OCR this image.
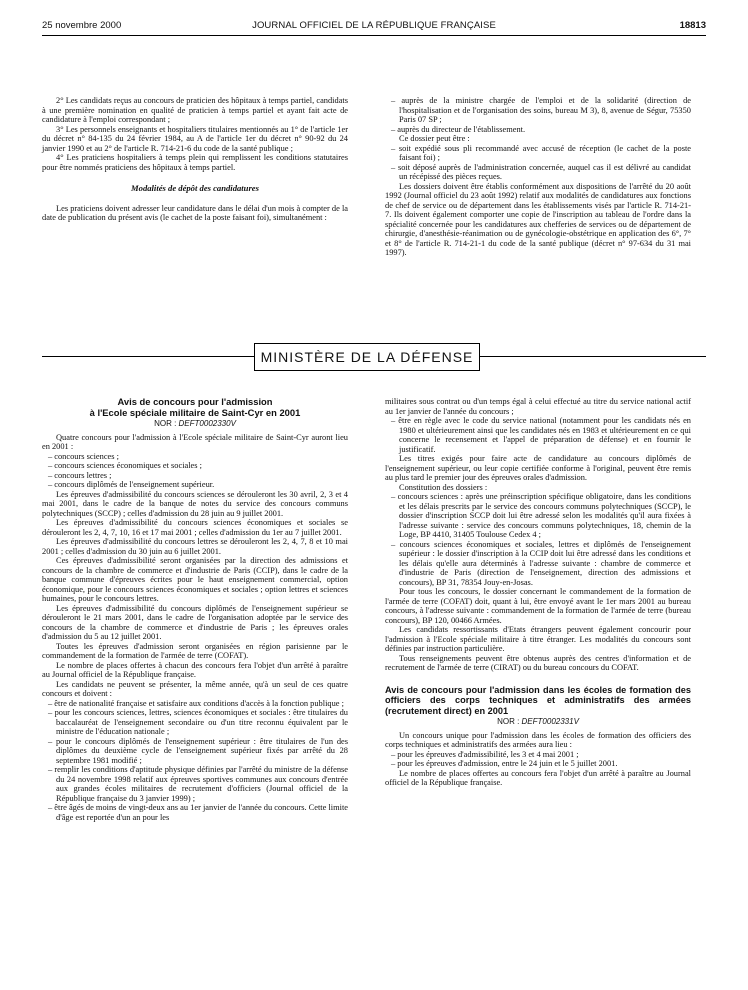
25 novembre 2000	JOURNAL OFFICIEL DE LA RÉPUBLIQUE FRANÇAISE	18813

2° Les candidats reçus au concours de praticien des hôpitaux à temps partiel, candidats à une première nomination en qualité de praticien à temps partiel et ayant fait acte de candidature à l'emploi correspondant ;

3° Les personnels enseignants et hospitaliers titulaires mentionnés au 1° de l'article 1er du décret n° 84-135 du 24 février 1984, au A de l'article 1er du décret n° 90-92 du 24 janvier 1990 et au 2° de l'article R. 714-21-6 du code de la santé publique ;

4° Les praticiens hospitaliers à temps plein qui remplissent les conditions statutaires pour être nommés praticiens des hôpitaux à temps partiel.

Modalités de dépôt des candidatures

Les praticiens doivent adresser leur candidature dans le délai d'un mois à compter de la date de publication du présent avis (le cachet de la poste faisant foi), simultanément :

– auprès de la ministre chargée de l'emploi et de la solidarité (direction de l'hospitalisation et de l'organisation des soins, bureau M 3), 8, avenue de Ségur, 75350 Paris 07 SP ;

– auprès du directeur de l'établissement.

Ce dossier peut être :

– soit expédié sous pli recommandé avec accusé de réception (le cachet de la poste faisant foi) ;

– soit déposé auprès de l'administration concernée, auquel cas il est délivré au candidat un récépissé des pièces reçues.

Les dossiers doivent être établis conformément aux dispositions de l'arrêté du 20 août 1992 (Journal officiel du 23 août 1992) relatif aux modalités de candidatures aux fonctions de chef de service ou de département dans les établissements visés par l'article R. 714-21-7. Ils doivent également comporter une copie de l'inscription au tableau de l'ordre dans la spécialité concernée pour les candidatures aux chefferies de services ou de département de chirurgie, d'anesthésie-réanimation ou de gynécologie-obstétrique en application des 6°, 7° et 8° de l'article R. 714-21-1 du code de la santé publique (décret n° 97-634 du 31 mai 1997).

MINISTÈRE DE LA DÉFENSE
Avis de concours pour l'admission
à l'Ecole spéciale militaire de Saint-Cyr en 2001
NOR : DEFT0002330V

Quatre concours pour l'admission à l'Ecole spéciale militaire de Saint-Cyr auront lieu en 2001 :

– concours sciences ;

– concours sciences économiques et sociales ;

– concours lettres ;

– concours diplômés de l'enseignement supérieur.

Les épreuves d'admissibilité du concours sciences se dérouleront les 30 avril, 2, 3 et 4 mai 2001, dans le cadre de la banque de notes du service des concours communs polytechniques (SCCP) ; celles d'admission du 28 juin au 9 juillet 2001.

Les épreuves d'admissibilité du concours sciences économiques et sociales se dérouleront les 2, 4, 7, 10, 16 et 17 mai 2001 ; celles d'admission du 1er au 7 juillet 2001.

Les épreuves d'admissibilité du concours lettres se dérouleront les 2, 4, 7, 8 et 10 mai 2001 ; celles d'admission du 30 juin au 6 juillet 2001.

Ces épreuves d'admissibilité seront organisées par la direction des admissions et concours de la chambre de commerce et d'industrie de Paris (CCIP), dans le cadre de la banque commune d'épreuves écrites pour le haut enseignement commercial, option économique, pour le concours sciences économiques et sociales ; option lettres et sciences humaines, pour le concours lettres.

Les épreuves d'admissibilité du concours diplômés de l'enseignement supérieur se dérouleront le 21 mars 2001, dans le cadre de l'organisation adoptée par le service des concours de la chambre de commerce et d'industrie de Paris ; les épreuves orales d'admission du 5 au 12 juillet 2001.

Toutes les épreuves d'admission seront organisées en région parisienne par le commandement de la formation de l'armée de terre (COFAT).

Le nombre de places offertes à chacun des concours fera l'objet d'un arrêté à paraître au Journal officiel de la République française.

Les candidats ne peuvent se présenter, la même année, qu'à un seul de ces quatre concours et doivent :

– être de nationalité française et satisfaire aux conditions d'accès à la fonction publique ;

– pour les concours sciences, lettres, sciences économiques et sociales : être titulaires du baccalauréat de l'enseignement secondaire ou d'un titre reconnu équivalent par le ministre de l'éducation nationale ;

– pour le concours diplômés de l'enseignement supérieur : être titulaires de l'un des diplômes du deuxième cycle de l'enseignement supérieur fixés par arrêté du 28 septembre 1981 modifié ;

– remplir les conditions d'aptitude physique définies par l'arrêté du ministre de la défense du 24 novembre 1998 relatif aux épreuves sportives communes aux concours d'entrée aux grandes écoles militaires de recrutement d'officiers (Journal officiel de la République française du 3 janvier 1999) ;

– être âgés de moins de vingt-deux ans au 1er janvier de l'année du concours. Cette limite d'âge est reportée d'un an pour les

militaires sous contrat ou d'un temps égal à celui effectué au titre du service national actif au 1er janvier de l'année du concours ;

– être en règle avec le code du service national (notamment pour les candidats nés en 1980 et ultérieurement ainsi que les candidates nés en 1983 et ultérieurement en ce qui concerne le recensement et l'appel de préparation de défense) et en fournir le justificatif.

Les titres exigés pour faire acte de candidature au concours diplômés de l'enseignement supérieur, ou leur copie certifiée conforme à l'original, peuvent être remis au plus tard le premier jour des épreuves orales d'admission.

Constitution des dossiers :

– concours sciences : après une préinscription spécifique obligatoire, dans les conditions et les délais prescrits par le service des concours communs polytechniques (SCCP), le dossier d'inscription SCCP doit lui être adressé selon les modalités qu'il aura fixées à l'adresse suivante : service des concours communs polytechniques, 18, chemin de la Loge, BP 4410, 31405 Toulouse Cedex 4 ;

– concours sciences économiques et sociales, lettres et diplômés de l'enseignement supérieur : le dossier d'inscription à la CCIP doit lui être adressé dans les conditions et les délais qu'elle aura déterminés à l'adresse suivante : chambre de commerce et d'industrie de Paris (direction de l'enseignement, direction des admissions et concours), BP 31, 78354 Jouy-en-Josas.

Pour tous les concours, le dossier concernant le commandement de la formation de l'armée de terre (COFAT) doit, quant à lui, être envoyé avant le 1er mars 2001 au bureau concours, à l'adresse suivante : commandement de la formation de l'armée de terre (bureau concours), BP 120, 00466 Armées.

Les candidats ressortissants d'Etats étrangers peuvent également concourir pour l'admission à l'Ecole spéciale militaire à titre étranger. Les modalités du concours sont définies par instruction particulière.

Tous renseignements peuvent être obtenus auprès des centres d'information et de recrutement de l'armée de terre (CIRAT) ou du bureau concours du COFAT.

Avis de concours pour l'admission dans les écoles de formation des officiers des corps techniques et administratifs des armées (recrutement direct) en 2001
NOR : DEFT0002331V

Un concours unique pour l'admission dans les écoles de formation des officiers des corps techniques et administratifs des armées aura lieu :

– pour les épreuves d'admissibilité, les 3 et 4 mai 2001 ;

– pour les épreuves d'admission, entre le 24 juin et le 5 juillet 2001.

Le nombre de places offertes au concours fera l'objet d'un arrêté à paraître au Journal officiel de la République française.
